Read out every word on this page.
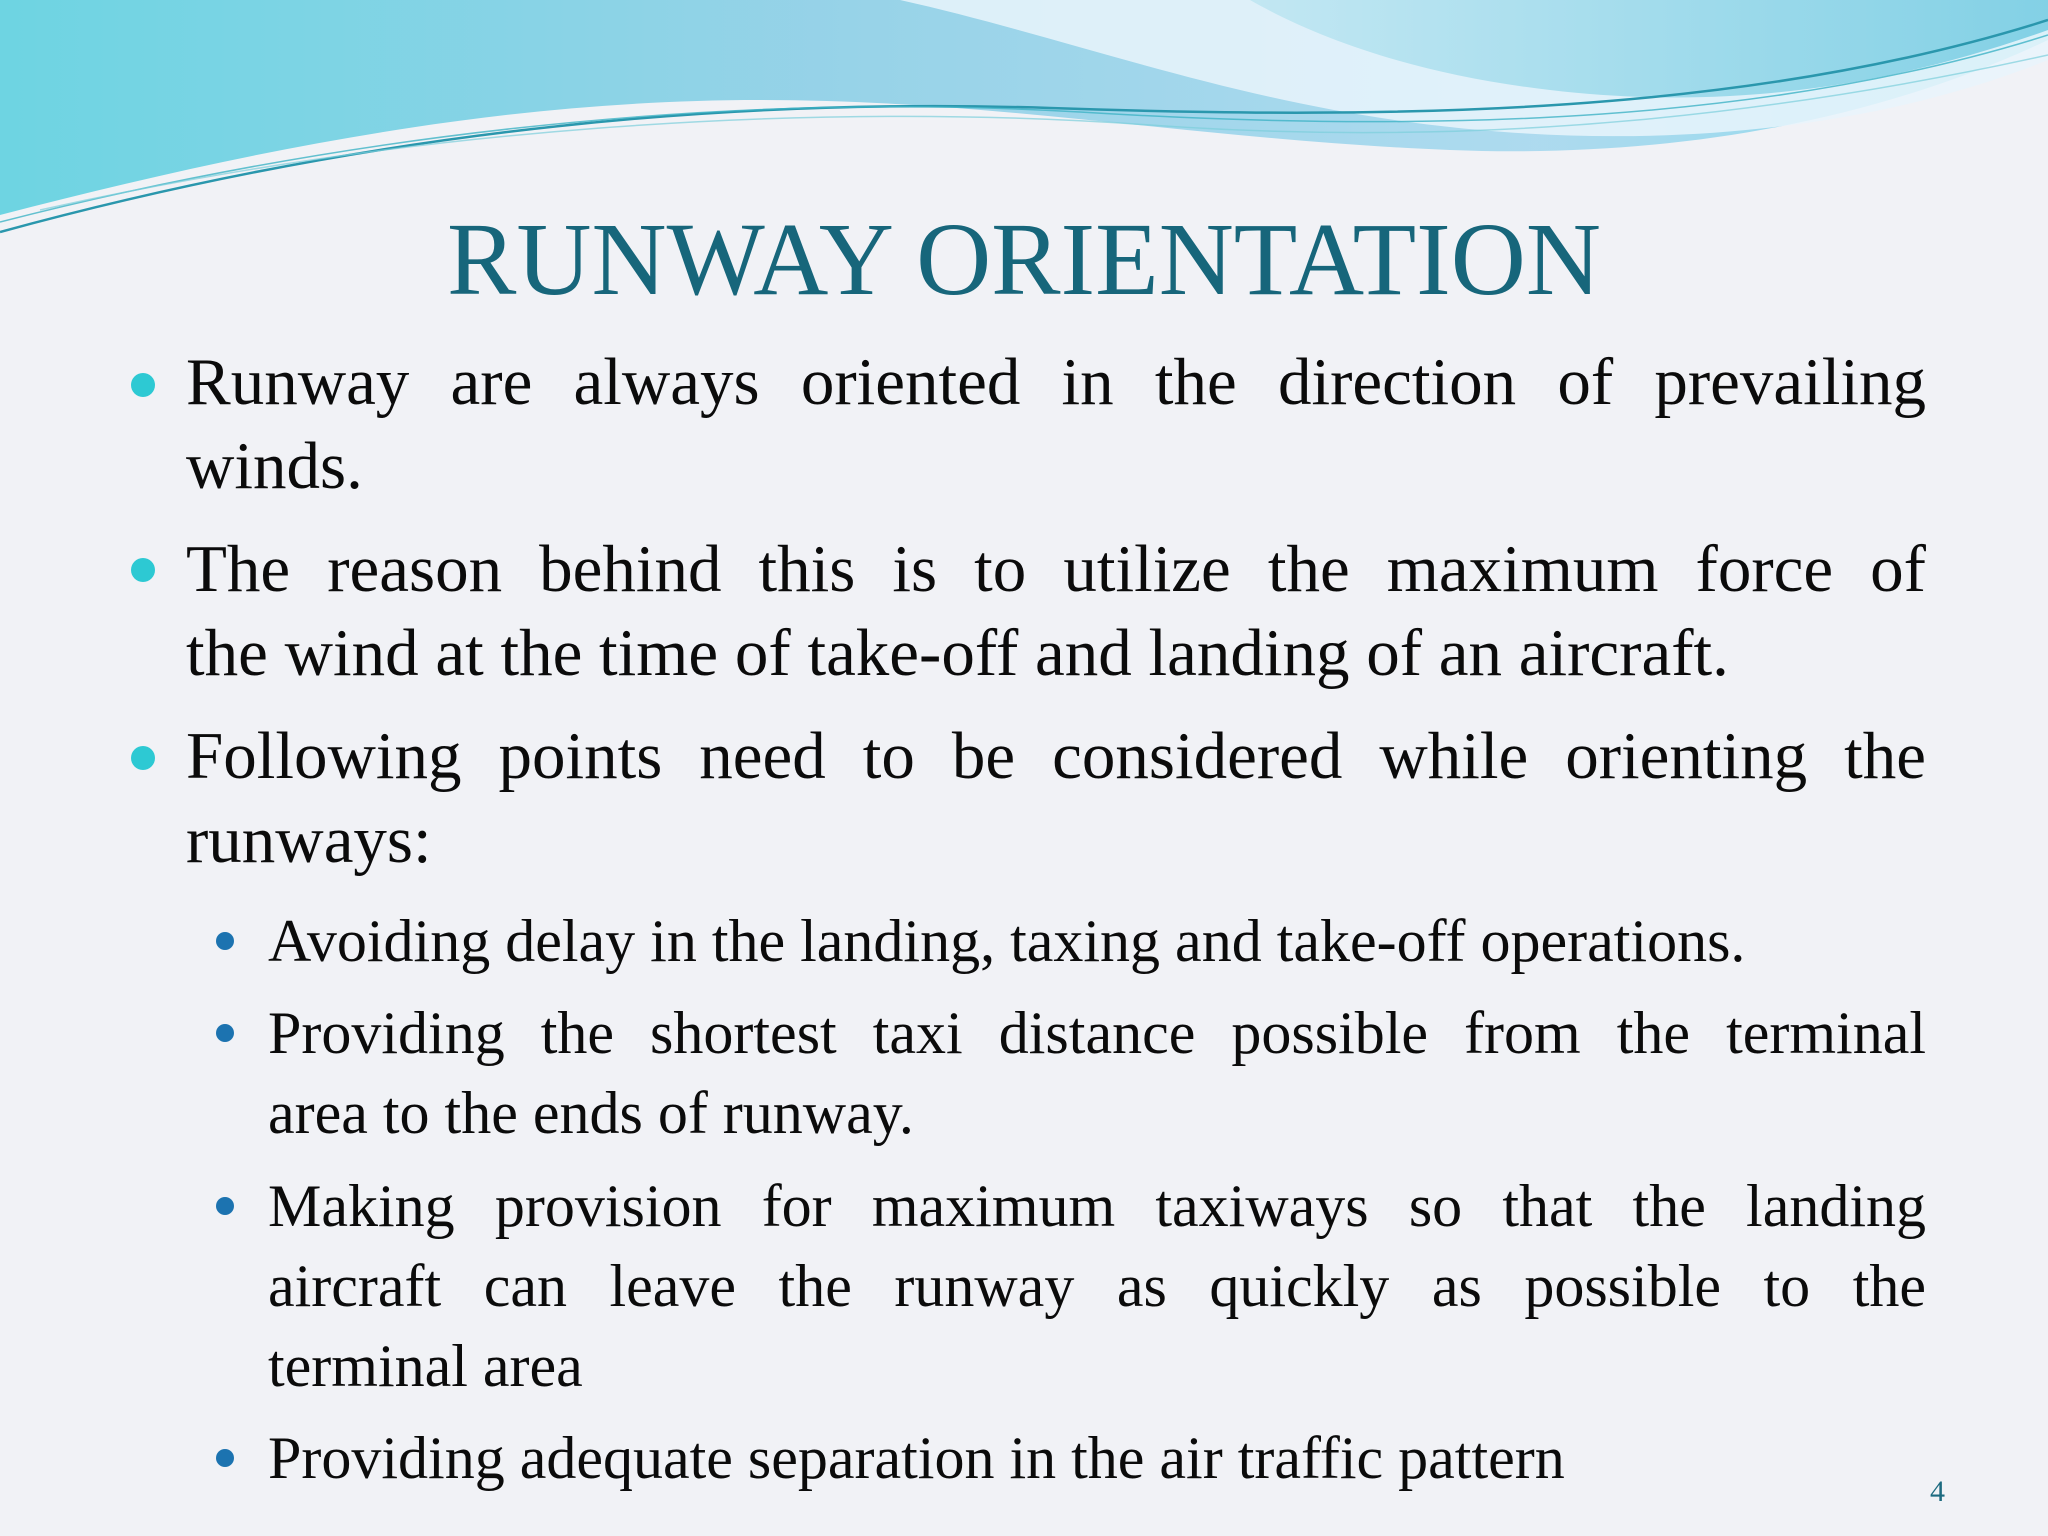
RUNWAY ORIENTATION
Runway are always oriented in the direction of prevailing
winds.
The reason behind this is to utilize the maximum force of
the wind at the time of take-off and landing of an aircraft.
Following points need to be considered while orienting the
runways:
Avoiding delay in the landing, taxing and take-off operations.
Providing the shortest taxi distance possible from the terminal
area to the ends of runway.
Making provision for maximum taxiways so that the landing
aircraft can leave the runway as quickly as possible to the
terminal area
Providing adequate separation in the air traffic pattern
4
